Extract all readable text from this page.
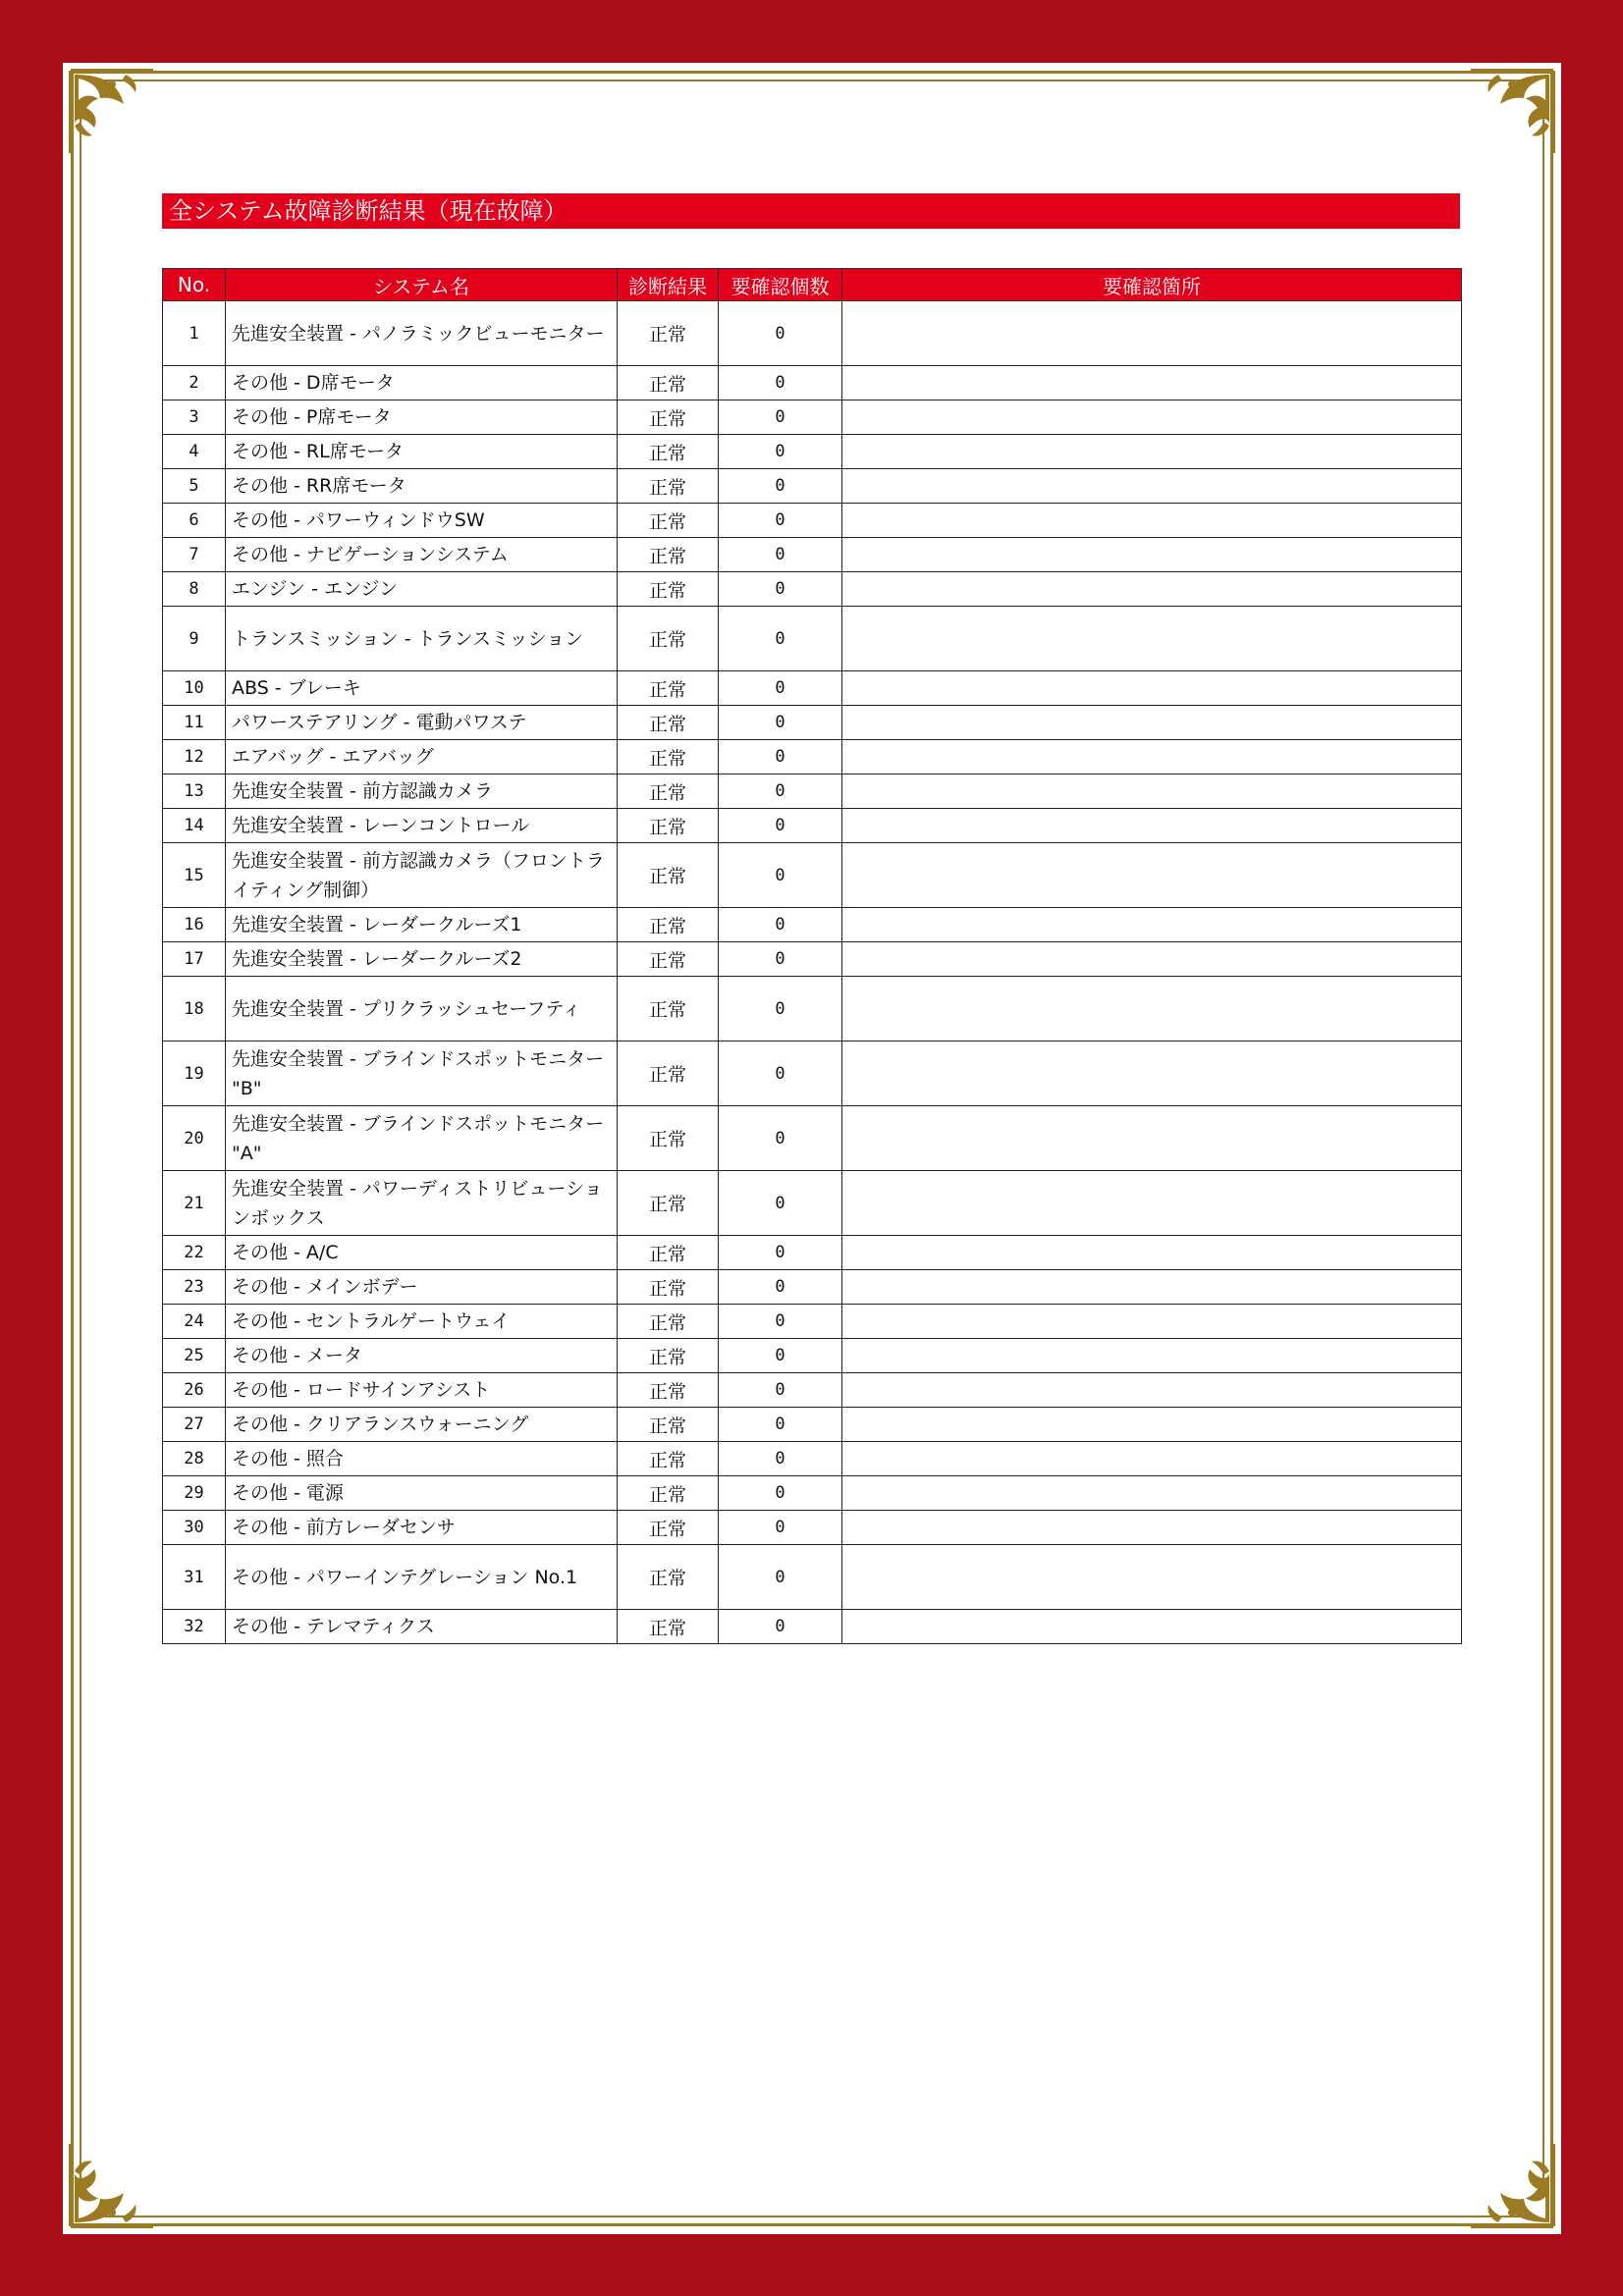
全システム故障診断結果（現在故障）
No.	システム名	診断結果	要確認個数	要確認箇所
1	先進安全装置 - パノラミックビューモニター	正常	0	
2	その他 - D席モータ	正常	0	
3	その他 - P席モータ	正常	0	
4	その他 - RL席モータ	正常	0	
5	その他 - RR席モータ	正常	0	
6	その他 - パワーウィンドウSW	正常	0	
7	その他 - ナビゲーションシステム	正常	0	
8	エンジン - エンジン	正常	0	
9	トランスミッション - トランスミッション	正常	0	
10	ABS - ブレーキ	正常	0	
11	パワーステアリング - 電動パワステ	正常	0	
12	エアバッグ - エアバッグ	正常	0	
13	先進安全装置 - 前方認識カメラ	正常	0	
14	先進安全装置 - レーンコントロール	正常	0	
15	先進安全装置 - 前方認識カメラ（フロントライティング制御）	正常	0	
16	先進安全装置 - レーダークルーズ1	正常	0	
17	先進安全装置 - レーダークルーズ2	正常	0	
18	先進安全装置 - プリクラッシュセーフティ	正常	0	
19	先進安全装置 - ブラインドスポットモニター "B"	正常	0	
20	先進安全装置 - ブラインドスポットモニター "A"	正常	0	
21	先進安全装置 - パワーディストリビューションボックス	正常	0	
22	その他 - A/C	正常	0	
23	その他 - メインボデー	正常	0	
24	その他 - セントラルゲートウェイ	正常	0	
25	その他 - メータ	正常	0	
26	その他 - ロードサインアシスト	正常	0	
27	その他 - クリアランスウォーニング	正常	0	
28	その他 - 照合	正常	0	
29	その他 - 電源	正常	0	
30	その他 - 前方レーダセンサ	正常	0	
31	その他 - パワーインテグレーション No.1	正常	0	
32	その他 - テレマティクス	正常	0	
